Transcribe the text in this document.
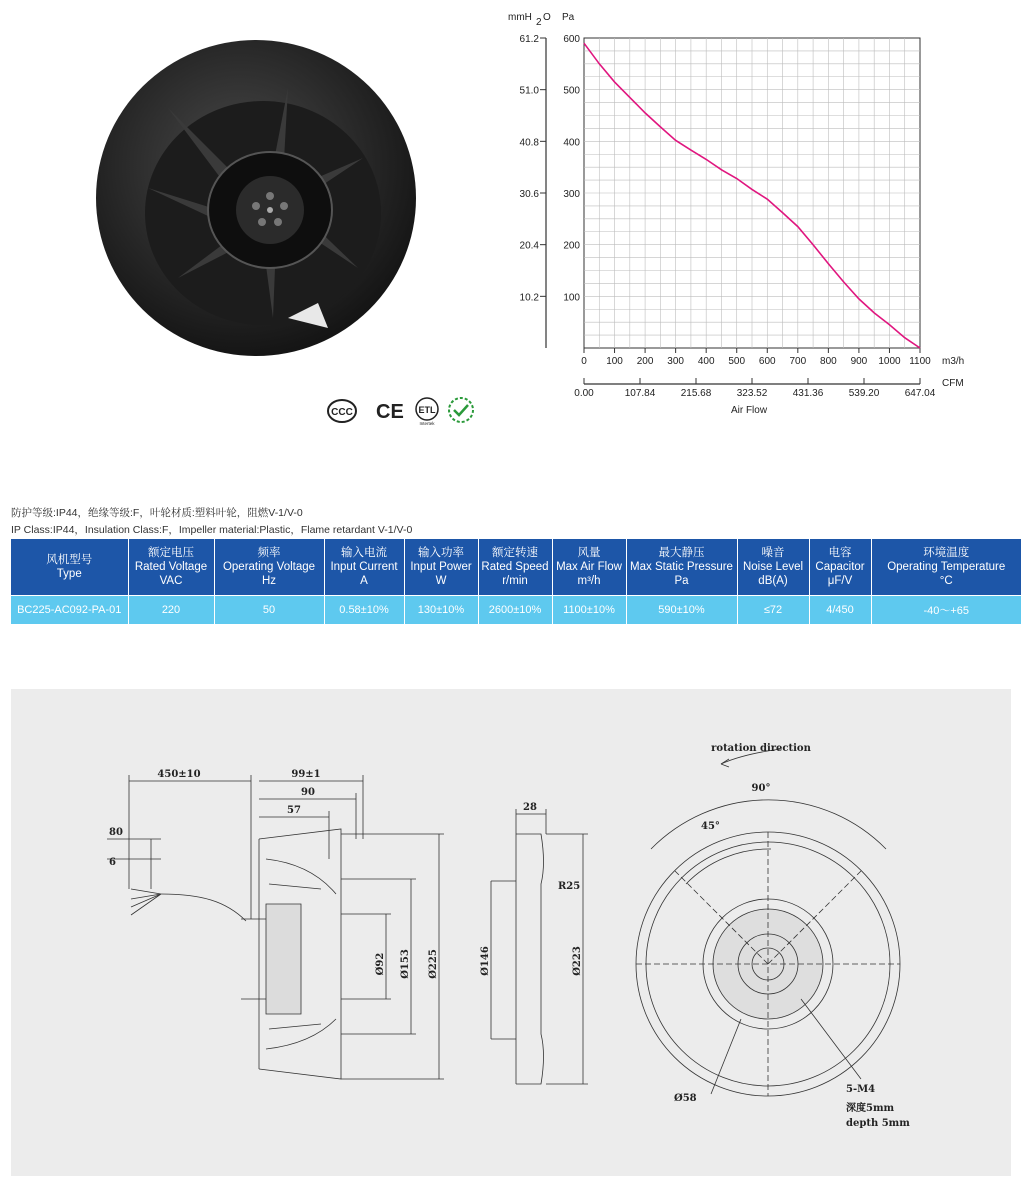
CCC CE ETL
Intertek
10.2 100
20.4 200
30.6 300
40.8 400
51.0 500
61.2 600
0 100 200 300 400 500 600 700 800 900 1000 1100
0.00	107.84	215.68	323.52	431.36	539.20	647.04
mmH 2 O Pa
m3/h
CFM
Air Flow
防护等级:IP44，绝缘等级:F，叶轮材质:塑料叶轮，阻燃V-1/V-0
IP Class:IP44，Insulation Class:F，Impeller material:Plastic，Flame retardant V-1/V-0
风机型号
Type	额定电压
Rated Voltage
VAC	频率
Operating Voltage
Hz	输入电流
Input Current
A	输入功率
Input Power
W	额定转速
Rated Speed
r/min	风量
Max Air Flow
m³/h	最大静压
Max Static Pressure
Pa	噪音
Noise Level
dB(A)	电容
Capacitor
μF/V	环境温度
Operating Temperature
°C

BC225-AC092-PA-01	220	50	0.58±10%	130±10%	2600±10%	1100±10%	590±10%	≤72	4/450	-40～+65
450±10
80
6
99±1
90
57
Ø92 Ø153 Ø225
28
R25
Ø146	Ø223
rotation direction
90°
45°
Ø58
5-M4
深度5mm
depth 5mm
